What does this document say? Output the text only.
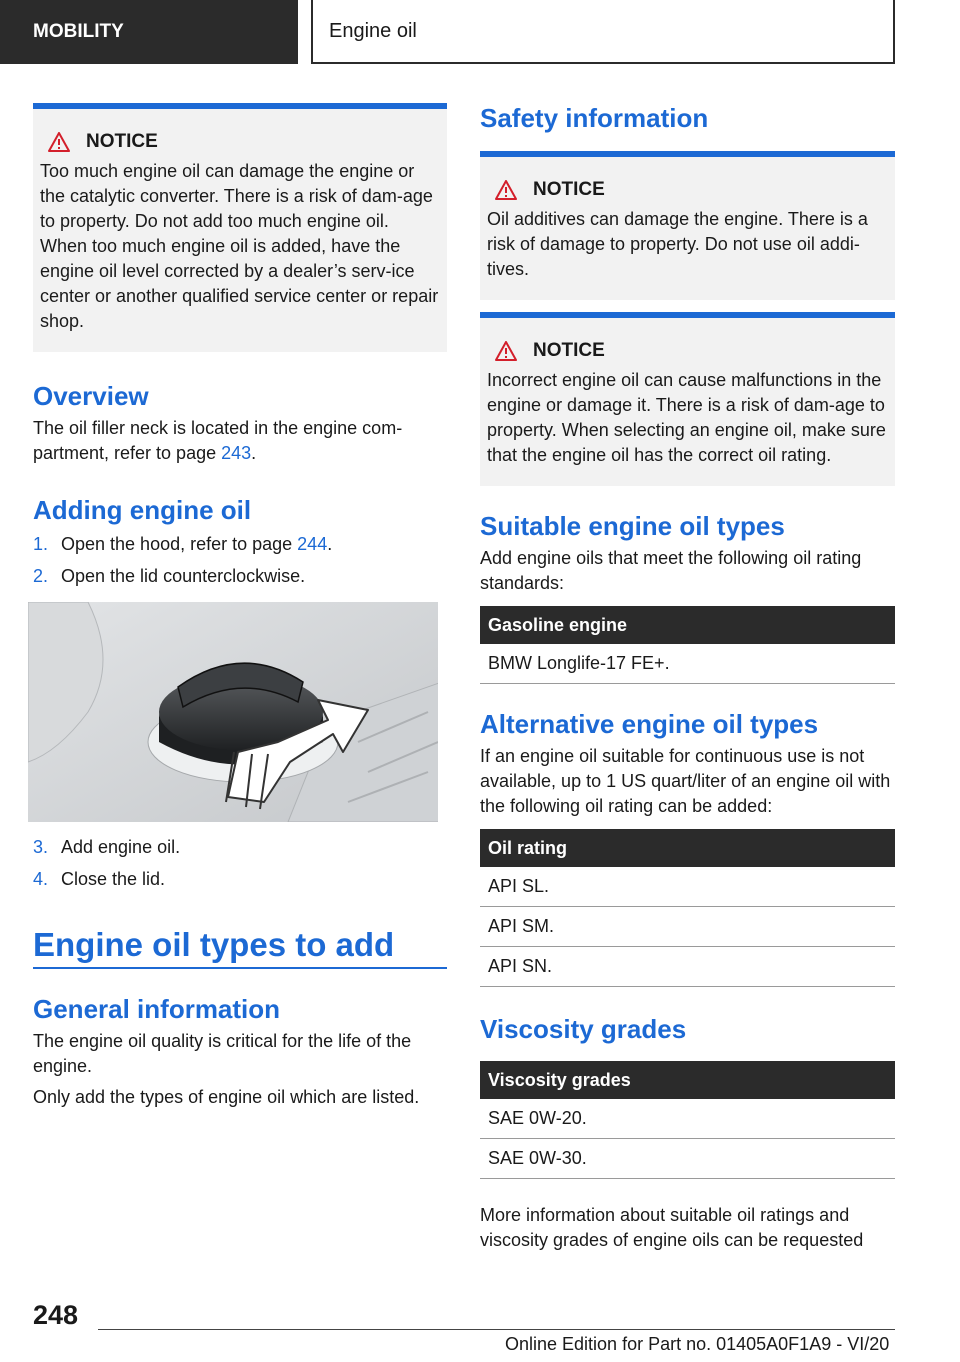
MOBILITY	Engine oil
NOTICE

Too much engine oil can damage the engine or the catalytic converter. There is a risk of dam-age to property. Do not add too much engine oil. When too much engine oil is added, have the engine oil level corrected by a dealer’s serv-ice center or another qualified service center or repair shop.

Overview

The oil filler neck is located in the engine com-partment, refer to page 243.

Adding engine oil
1. Open the hood, refer to page 244.
2. Open the lid counterclockwise.
3. Add engine oil.
4. Close the lid.
Engine oil types to add
General information

The engine oil quality is critical for the life of the engine.

Only add the types of engine oil which are listed.

Safety information
NOTICE

Oil additives can damage the engine. There is a risk of damage to property. Do not use oil addi-tives.

NOTICE

Incorrect engine oil can cause malfunctions in the engine or damage it. There is a risk of dam-age to property. When selecting an engine oil, make sure that the engine oil has the correct oil rating.

Suitable engine oil types

Add engine oils that meet the following oil rating standards:

Gasoline engine
BMW Longlife-17 FE+.
Alternative engine oil types

If an engine oil suitable for continuous use is not available, up to 1 US quart/liter of an engine oil with the following oil rating can be added:

Oil rating
API SL.
API SM.
API SN.
Viscosity grades
Viscosity grades
SAE 0W-20.
SAE 0W-30.

More information about suitable oil ratings and viscosity grades of engine oils can be requested

248
Online Edition for Part no. 01405A0F1A9 - VI/20
